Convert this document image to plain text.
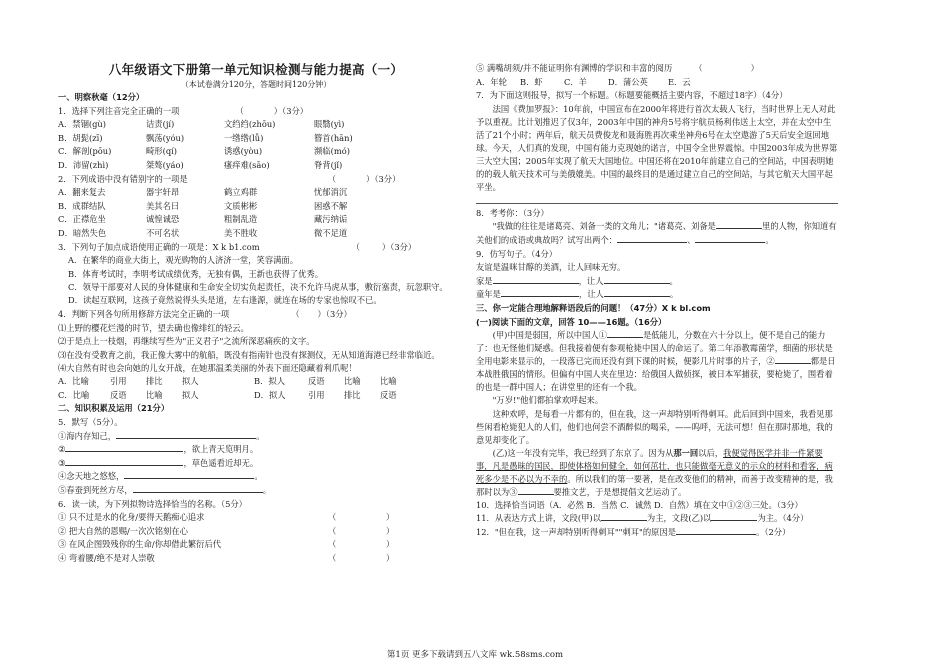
八年级语文下册第一单元知识检测与能力提高（一）
（本试卷满分120分，答题时间120分钟）
一、明察秋毫（12分）
1．选择下列注音完全正确的一项	（	）（3分）
A．禁锢(gù)	诘责(jí)	文绉绉(zhōu)	眼翳(yì)
B．胡髭(zī)	飘荡(yóu)	一绺绺(lǚ)	簪首(hān)
C．解剖(pōu)	畸形(qí)	诱惑(yòu)	濒临(mó)
D．沛留(zhì)	桀骜(yáo)	瘙痒难(sāo)	脊背(jǐ)
2．下列成语中没有错别字的一项是	（	）（3分）
A．翻来复去	器宇轩昂	鹤立鸡群	忧郁消沉
B．成群结队	美其名曰	文质彬彬	困惑不解
C．正襟危坐	诚惶诚恐	粗制乱造	藏污纳诟
D．暗然失色	不可名状	美不胜收	微不足道
3．下列句子加点成语使用正确的一项是：X k b1.com	（	）（3分）
A．在繁华的商业大街上，观光购物的人济济一堂，笑容满面。
B．体育考试时，李明考试成绩优秀，无独有偶，王新也获得了优秀。
C．领导干部要对人民的身体健康和生命安全切实负起责任，决不允许马虎从事，敷衍塞责，玩忽职守。
D．读起互联网，这孩子竟然说得头头是道，左右逢源，就连在场的专家也惊叹不已。
4．判断下列各句所用修辞方法完全正确的一项	（ ）（3分）
⑴上野的樱花烂漫的时节，望去确也像绯红的轻云。
⑵于是点上一枝烟，再继续写些为"正义君子"之流所深恶痛疾的文字。
⑶在没有受教育之前，我正像大雾中的航船，既没有指南针也没有探测仪，无从知道海港已经非常临近。
⑷大自然有时也会向她的儿女开战，在她那温柔美丽的外表下面还隐藏着利爪呢！
A．比喻	引用	排比	拟人	B．拟人	反语	比喻	比喻
C．比喻	反语	比喻	拟人	D．拟人	引用	排比	反语
二、知识积累及运用（21分）
5．默写（5分）。
①海内存知己，	。
②	，欲上青天览明月。
③	，草色遥看近却无。
④念天地之悠悠，	。
⑤春蚕到死丝方尽，	。
6．读一读，为下列拟物诗选择恰当的名称。（5分）
① 只不过是水的化身/要得天鹅痴心追求	（	）
② 把大自然的恩赐/一次次铭刻在心	（	）
③ 在风企图毁残你的生命/你却借此繁衍后代	（	）
④ 弯着腰/绝不是对人崇敬	（	）
⑤ 满嘴胡须/并不能证明你有渊博的学识和丰富的阅历	（	）
A．年轮	B．虾	C．羊	D．蒲公英	E．云
7．为下面这则报导，拟写一个标题。（标题要能概括主要内容，不超过18字）（4分）
法国《费加罗报》：10年前，中国宣布在2000年将进行首次太载人飞行，当时世界上无人对此予以重视。比计划推迟了仅3年，2003年中国的神舟5号将宇航员杨利伟送上太空，并在太空中生活了21个小时；两年后，航天员费俊龙和聂海胜再次乘坐神舟6号在太空遨游了5天后安全返回地球。今天，人们真的发现，中国有能力克现她的诺言，中国令全世界震惊。中国2003年成为世界第三大空大国；2005年实现了航天大国地位。中国还将在2010年前建立自己的空间站，中国表明她的的载人航天技术可与美俄媲美。中国的最终目的是通过建立自己的空间站，与其它航天大国平起平坐。
8．考考你：（3分）
"我做的往往是诸葛亮、刘备一类的文角儿；"诸葛亮、刘备是	里的人物，你知道有关他们的成语或典故吗？试写出两个：	、	。
9．仿写句子。（4分）
友谊是温咪甘醇的美酒，让人回味无穷。
家是	，让人	。
童年是	，让人	。
三、你一定能合理地解释语段后的问题！（47分）X k bl.com
(一)阅读下面的文章，回答 10——16题。（16分）
(甲)中国是弱国，所以中国人①	是低能儿，分数在六十分以上，便不是自己的能力了：也无怪他们疑惑。但我接着便有参观枪毙中国人的命运了。第二年添教霉菌学，细菌的形状是全用电影来显示的，一段落已完而还没有到下课的时候，便影几片时事的片子，②	都是日本战胜俄国的情形。但偏有中国人夹在里边：给俄国人做侦探，被日本军捕获，要枪毙了，围看着的也是一群中国人；在讲堂里的还有一个我。
"万岁!"他们都拍掌欢呼起来。
这种欢呼，是每看一片都有的，但在我，这一声却特别听得刺耳。此后回到中国来，我看见那些闲看枪毙犯人的人们，他们也何尝不酒醉似的喝采，——呜呼，无法可想！但在那时那地，我的意见却变化了。
(乙)这一年没有完毕，我已经到了东京了。因为从那一回以后，我便觉得医学并非一件紧要事，凡是愚昧的国民，即使体格如何健全，如何茁壮，也只能做毫无意义的示众的材料和看客，病死多少是不必以为不幸的。所以我们的第一要著，是在改变他们的精神，而善于改变精神的是，我那时以为③	要推文艺，于是想提倡文艺运动了。
10．选择恰当词语（A．必然 B．当然 C．诚然 D．自然）填在文中①②③三处。（3分）
11．从表达方式上讲，文段(甲)以	为主，文段(乙)以	为主。（4分）
12．"但在我，这一声却特别听得刺耳""刺耳"的原因是	。（2分）
第1页 更多下载请到五八文库 wk.58sms.com
